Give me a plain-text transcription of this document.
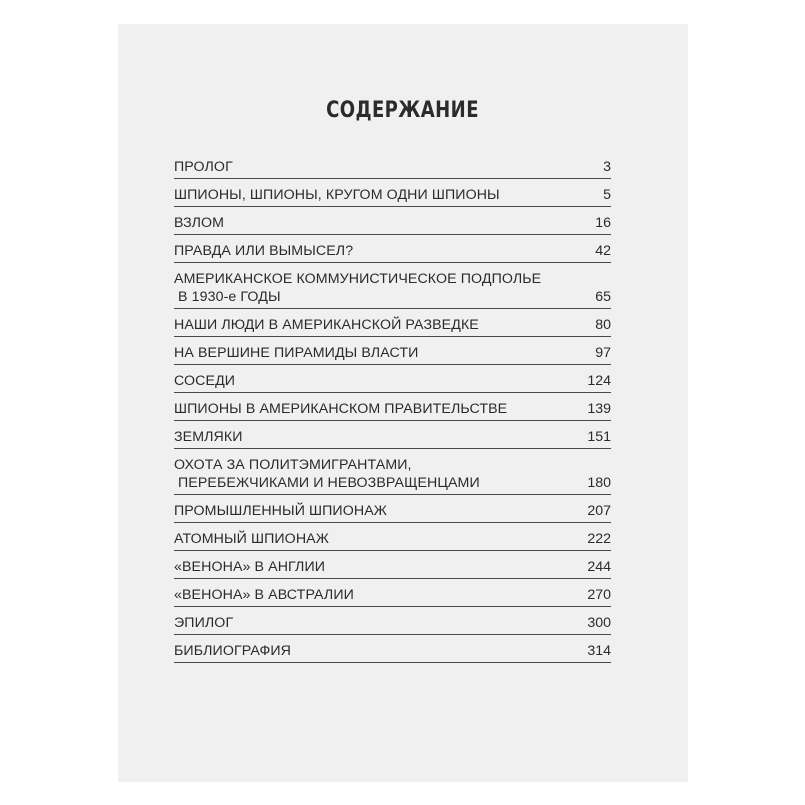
СОДЕРЖАНИЕ
ПРОЛОГ	3
ШПИОНЫ, ШПИОНЫ, КРУГОМ ОДНИ ШПИОНЫ	5
ВЗЛОМ	16
ПРАВДА ИЛИ ВЫМЫСЕЛ?	42
АМЕРИКАНСКОЕ КОММУНИСТИЧЕСКОЕ ПОДПОЛЬЕ
В 1930-е ГОДЫ	65
НАШИ ЛЮДИ В АМЕРИКАНСКОЙ РАЗВЕДКЕ	80
НА ВЕРШИНЕ ПИРАМИДЫ ВЛАСТИ	97
СОСЕДИ	124
ШПИОНЫ В АМЕРИКАНСКОМ ПРАВИТЕЛЬСТВЕ	139
ЗЕМЛЯКИ	151
ОХОТА ЗА ПОЛИТЭМИГРАНТАМИ,
ПЕРЕБЕЖЧИКАМИ И НЕВОЗВРАЩЕНЦАМИ	180
ПРОМЫШЛЕННЫЙ ШПИОНАЖ	207
АТОМНЫЙ ШПИОНАЖ	222
«ВЕНОНА» В АНГЛИИ	244
«ВЕНОНА» В АВСТРАЛИИ	270
ЭПИЛОГ	300
БИБЛИОГРАФИЯ	314
